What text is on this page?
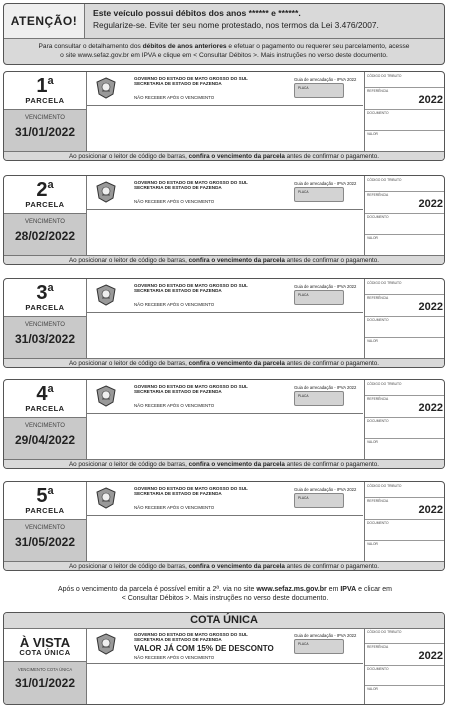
ATENÇÃO!
Este veículo possui débitos dos anos ****** e ******.
Regularize-se. Evite ter seu nome protestado, nos termos da Lei 3.476/2007.
Para consultar o detalhamento dos débitos de anos anteriores e efetuar o pagamento ou requerer seu parcelamento, acesse
o site www.sefaz.gov.br em IPVA e clique em < Consultar Débitos >. Mais instruções no verso deste documento.
1$^a$
PARCELA
VENCIMENTO
31/01/2022
GOVERNO DO ESTADO DE MATO GROSSO DO SUL
SECRETARIA DE ESTADO DE FAZENDA
NÃO RECEBER APÓS O VENCIMENTO
Guia de arrecadação - IPVA 2022
PLACA
CÓDIGO DO TRIBUTO
REFERÊNCIA
2022
DOCUMENTO
VALOR
Ao posicionar o leitor de código de barras, confira o vencimento da parcela antes de confirmar o pagamento.
2$^a$
PARCELA
VENCIMENTO
28/02/2022
GOVERNO DO ESTADO DE MATO GROSSO DO SUL
SECRETARIA DE ESTADO DE FAZENDA
NÃO RECEBER APÓS O VENCIMENTO
Guia de arrecadação - IPVA 2022
PLACA
CÓDIGO DO TRIBUTO
REFERÊNCIA
2022
DOCUMENTO
VALOR
Ao posicionar o leitor de código de barras, confira o vencimento da parcela antes de confirmar o pagamento.
3$^a$
PARCELA
VENCIMENTO
31/03/2022
GOVERNO DO ESTADO DE MATO GROSSO DO SUL
SECRETARIA DE ESTADO DE FAZENDA
NÃO RECEBER APÓS O VENCIMENTO
Guia de arrecadação - IPVA 2022
PLACA
CÓDIGO DO TRIBUTO
REFERÊNCIA
2022
DOCUMENTO
VALOR
Ao posicionar o leitor de código de barras, confira o vencimento da parcela antes de confirmar o pagamento.
4$^a$
PARCELA
VENCIMENTO
29/04/2022
GOVERNO DO ESTADO DE MATO GROSSO DO SUL
SECRETARIA DE ESTADO DE FAZENDA
NÃO RECEBER APÓS O VENCIMENTO
Guia de arrecadação - IPVA 2022
PLACA
CÓDIGO DO TRIBUTO
REFERÊNCIA
2022
DOCUMENTO
VALOR
Ao posicionar o leitor de código de barras, confira o vencimento da parcela antes de confirmar o pagamento.
5$^a$
PARCELA
VENCIMENTO
31/05/2022
GOVERNO DO ESTADO DE MATO GROSSO DO SUL
SECRETARIA DE ESTADO DE FAZENDA
NÃO RECEBER APÓS O VENCIMENTO
Guia de arrecadação - IPVA 2022
PLACA
CÓDIGO DO TRIBUTO
REFERÊNCIA
2022
DOCUMENTO
VALOR
Ao posicionar o leitor de código de barras, confira o vencimento da parcela antes de confirmar o pagamento.
Após o vencimento da parcela é possível emitir a 2ª. via no site www.sefaz.ms.gov.br em IPVA e clicar em
< Consultar Débitos >. Mais instruções no verso deste documento.
COTA ÚNICA
À VISTA
COTA ÚNICA
VENCIMENTO COTA ÚNICA
31/01/2022
GOVERNO DO ESTADO DE MATO GROSSO DO SUL
SECRETARIA DE ESTADO DE FAZENDA
VALOR JÁ COM 15% DE DESCONTO
NÃO RECEBER APÓS O VENCIMENTO
Guia de arrecadação - IPVA 2022
PLACA
CÓDIGO DO TRIBUTO
REFERÊNCIA
2022
DOCUMENTO
VALOR
